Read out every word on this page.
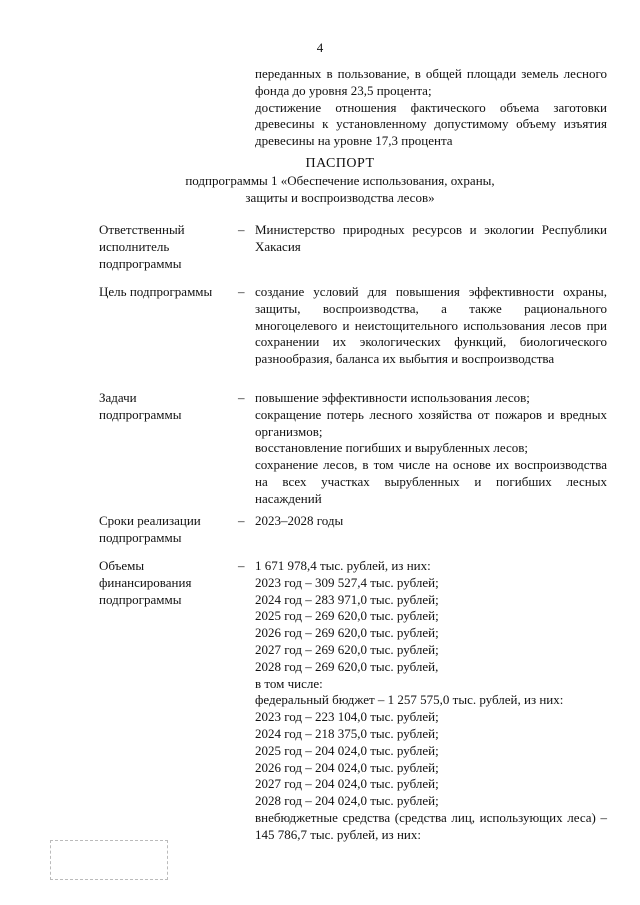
4

переданных в пользование, в общей площади земель лесного фонда до уровня 23,5 процента;

достижение отношения фактического объема заготовки древесины к установленному допустимому объему изъятия древесины на уровне 17,3 процента

ПАСПОРТ
подпрограммы 1 «Обеспечение использования, охраны,
защиты и воспроизводства лесов»
Ответственный
исполнитель
подпрограммы
– Министерство природных ресурсов и экологии Республики Хакасия

Цель подпрограммы	– создание условий для повышения эффективности охраны, защиты, воспроизводства, а также рационального многоцелевого и неистощительного использования лесов при сохранении их экологических функций, биологического разнообразия, баланса их выбытия и воспроизводства

Задачи
подпрограммы
– повышение эффективности использования лесов;

сокращение потерь лесного хозяйства от пожаров и вредных организмов;

восстановление погибших и вырубленных лесов;

сохранение лесов, в том числе на основе их воспроизводства на всех участках вырубленных и погибших лесных насаждений

Сроки реализации
подпрограммы
– 2023–2028 годы

Объемы
финансирования
подпрограммы
– 1 671 978,4 тыс. рублей, из них:

2023 год – 309 527,4 тыс. рублей;

2024 год – 283 971,0 тыс. рублей;

2025 год – 269 620,0 тыс. рублей;

2026 год – 269 620,0 тыс. рублей;

2027 год – 269 620,0 тыс. рублей;

2028 год – 269 620,0 тыс. рублей,

в том числе:

федеральный бюджет – 1 257 575,0 тыс. рублей, из них:

2023 год – 223 104,0 тыс. рублей;

2024 год – 218 375,0 тыс. рублей;

2025 год – 204 024,0 тыс. рублей;

2026 год – 204 024,0 тыс. рублей;

2027 год – 204 024,0 тыс. рублей;

2028 год – 204 024,0 тыс. рублей;

внебюджетные средства (средства лиц, использующих леса) – 145 786,7 тыс. рублей, из них:
